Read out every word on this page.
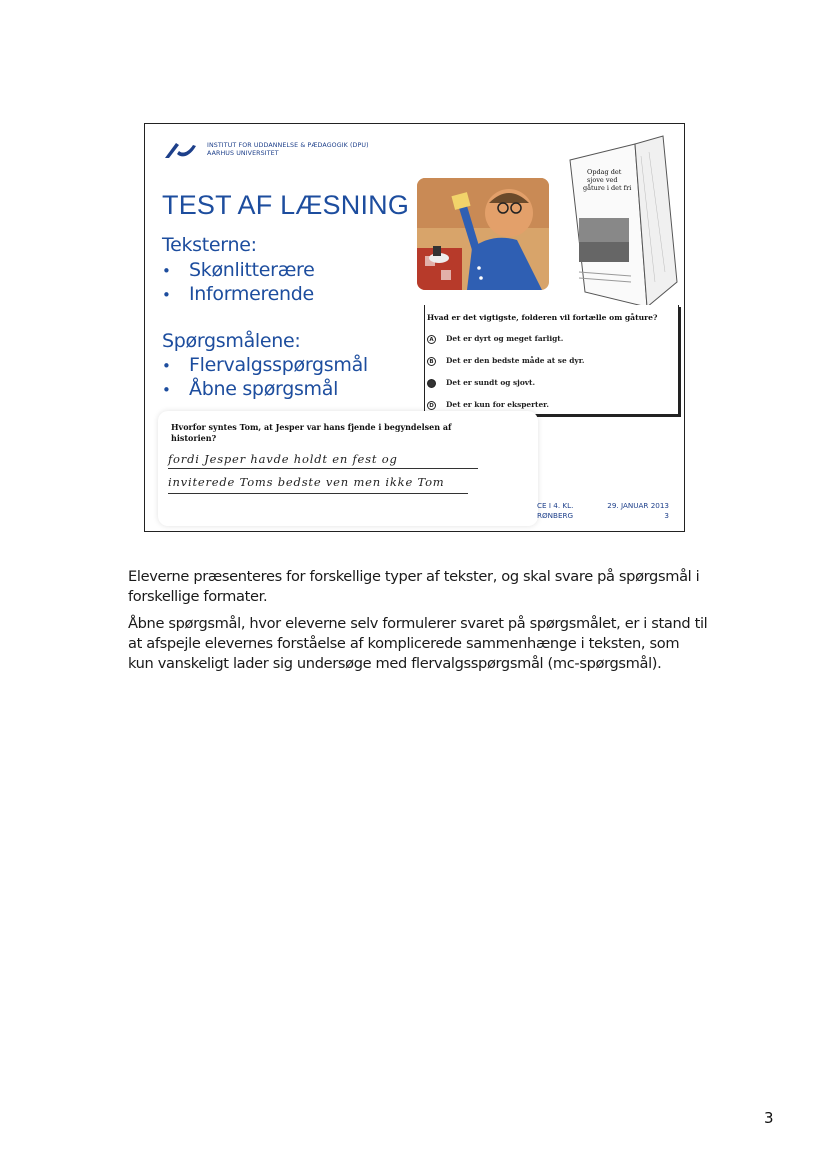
INSTITUT FOR UDDANNELSE & PÆDAGOGIK (DPU)
AARHUS UNIVERSITET
TEST AF LÆSNING
Teksterne:
• Skønlitterære
• Informerende
Spørgsmålene:
• Flervalgsspørgsmål
• Åbne spørgsmål
Opdag det
sjove ved
gåture i det fri
Hvad er det vigtigste, folderen vil fortælle om gåture?
A Det er dyrt og meget farligt.
B Det er den bedste måde at se dyr.
C Det er sundt og sjovt.
D Det er kun for eksperter.
Hvorfor syntes Tom, at Jesper var hans fjende i begyndelsen af historien?
fordi Jesper havde holdt en fest og
inviterede Toms bedste ven men ikke Tom
CE I 4. KL.
RØNBERG
29. JANUAR 2013
3
Eleverne præsenteres for forskellige typer af tekster, og skal svare på spørgsmål i forskellige formater.
Åbne spørgsmål, hvor eleverne selv formulerer svaret på spørgsmålet, er i stand til at afspejle elevernes forståelse af komplicerede sammenhænge i teksten, som kun vanskeligt lader sig undersøge med flervalgsspørgsmål (mc-spørgsmål).
3
